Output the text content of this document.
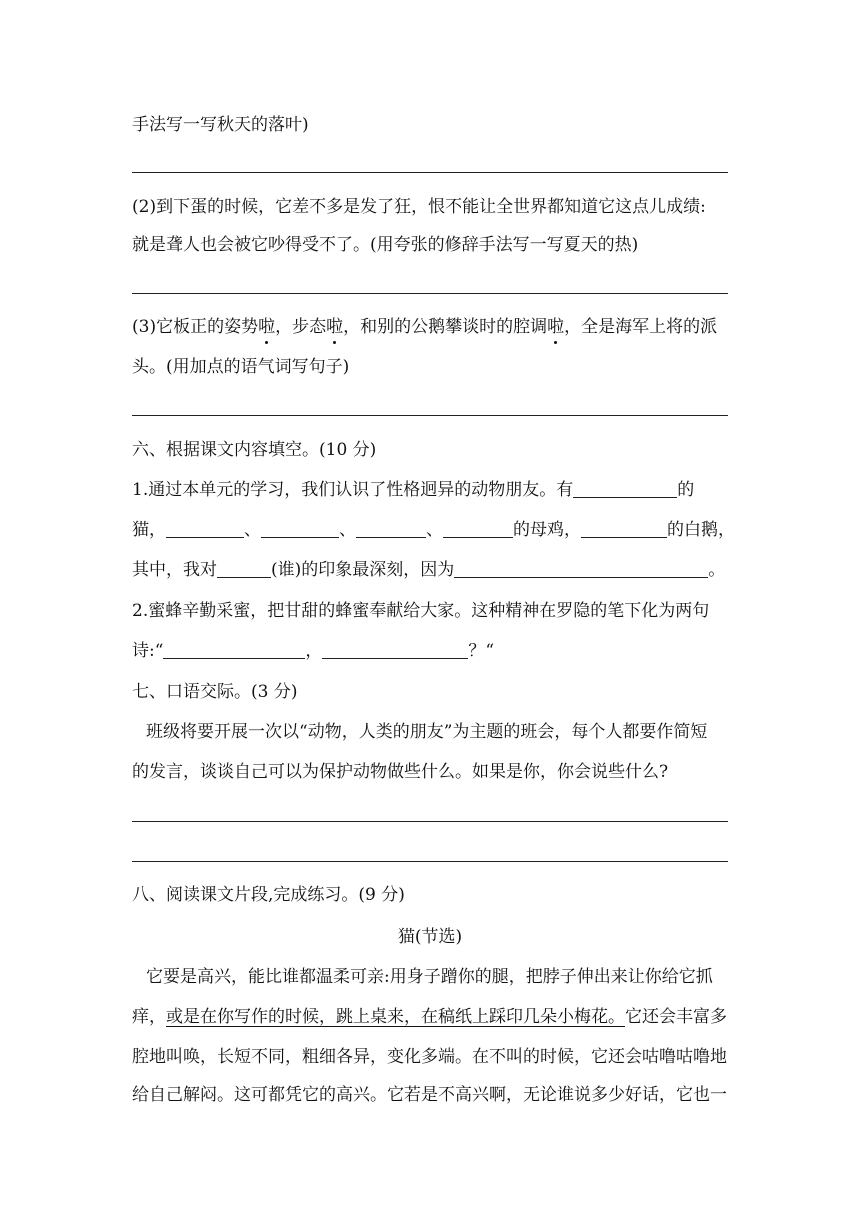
手法写一写秋天的落叶)
(2)到下蛋的时候，它差不多是发了狂，恨不能让全世界都知道它这点儿成绩:
就是聋人也会被它吵得受不了。(用夸张的修辞手法写一写夏天的热)
(3)它板正的姿势啦，步态啦，和别的公鹅攀谈时的腔调啦，全是海军上将的派
头。(用加点的语气词写句子)
六、根据课文内容填空。(10 分)
1.通过本单元的学习，我们认识了性格迥异的动物朋友。有	的
猫，	、	、	、	的母鸡，	的白鹅，
其中，我对	(谁)的印象最深刻，因为	。
2.蜜蜂辛勤采蜜，把甘甜的蜂蜜奉献给大家。这种精神在罗隐的笔下化为两句
诗:“	，	？“
七、口语交际。(3 分)
班级将要开展一次以“动物，人类的朋友”为主题的班会，每个人都要作简短
的发言，谈谈自己可以为保护动物做些什么。如果是你，你会说些什么?
八、阅读课文片段,完成练习。(9 分)
猫(节选)
它要是高兴，能比谁都温柔可亲:用身子蹭你的腿，把脖子伸出来让你给它抓
痒，或是在你写作的时候，跳上桌来，在稿纸上踩印几朵小梅花。它还会丰富多
腔地叫唤，长短不同，粗细各异，变化多端。在不叫的时候，它还会咕噜咕噜地
给自己解闷。这可都凭它的高兴。它若是不高兴啊，无论谁说多少好话，它也一
